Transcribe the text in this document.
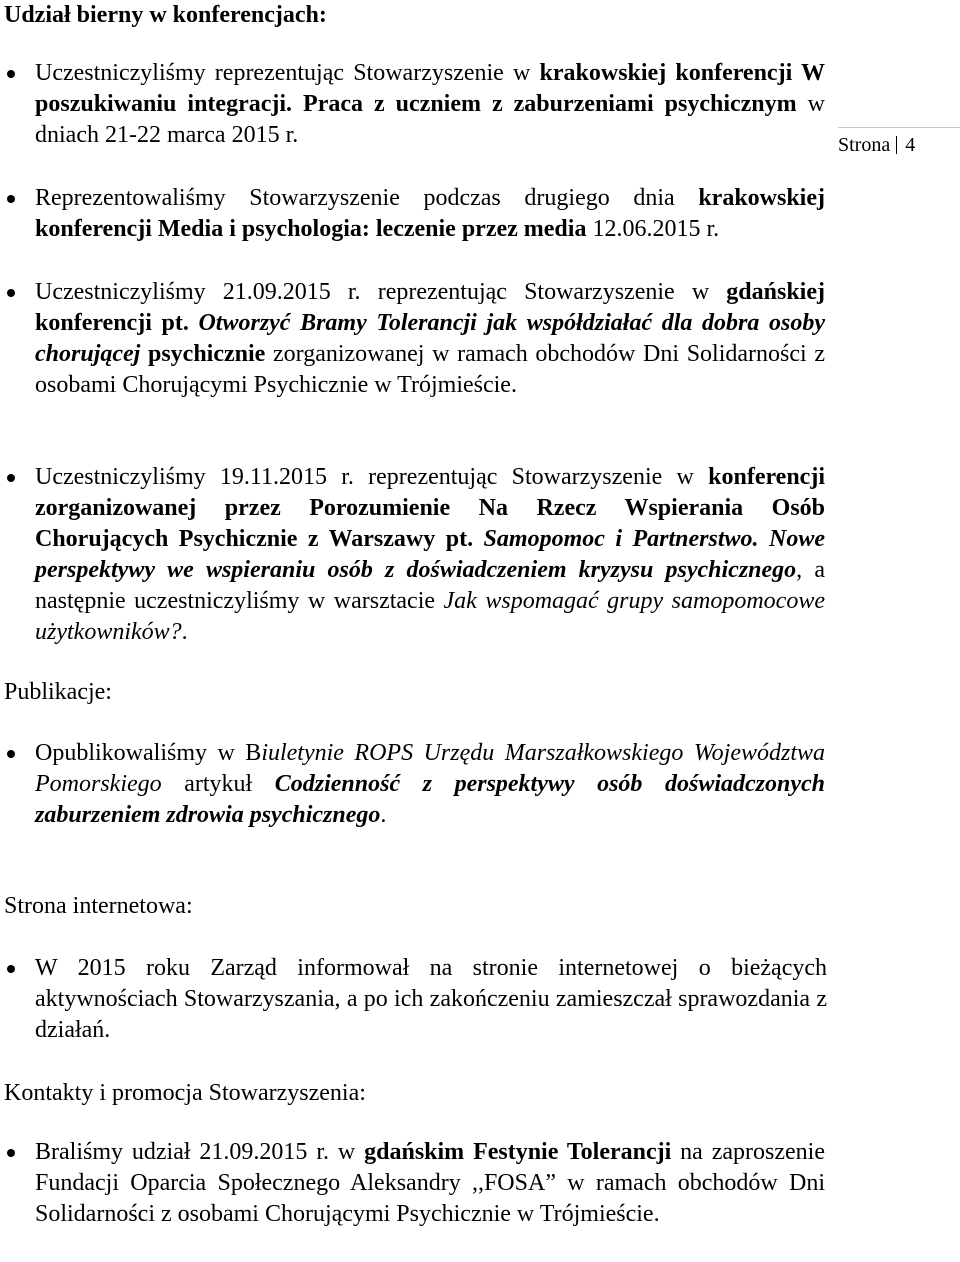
Strona 4
Udział bierny w konferencjach:

Uczestniczyliśmy reprezentując Stowarzyszenie w krakowskiej konferencji W poszukiwaniu integracji. Praca z uczniem z zaburzeniami psychicznym w dniach 21-22 marca 2015 r.

Reprezentowaliśmy Stowarzyszenie podczas drugiego dnia krakowskiej konferencji Media i psychologia: leczenie przez media 12.06.2015 r.

Uczestniczyliśmy 21.09.2015 r. reprezentując Stowarzyszenie w gdańskiej konferencji pt. Otworzyć Bramy Tolerancji jak współdziałać dla dobra osoby chorującej psychicznie zorganizowanej w ramach obchodów Dni Solidarności z osobami Chorującymi Psychicznie w Trójmieście.

Uczestniczyliśmy 19.11.2015 r. reprezentując Stowarzyszenie w konferencji zorganizowanej przez Porozumienie Na Rzecz Wspierania Osób Chorujących Psychicznie z Warszawy pt. Samopomoc i Partnerstwo. Nowe perspektywy we wspieraniu osób z doświadczeniem kryzysu psychicznego, a następnie uczestniczyliśmy w warsztacie Jak wspomagać grupy samopomocowe użytkowników?.

Publikacje:

Opublikowaliśmy w Biuletynie ROPS Urzędu Marszałkowskiego Województwa Pomorskiego artykuł Codzienność z perspektywy osób doświadczonych zaburzeniem zdrowia psychicznego.

Strona internetowa:

W 2015 roku Zarząd informował na stronie internetowej o bieżących aktywnościach Stowarzyszania, a po ich zakończeniu zamieszczał sprawozdania z działań.

Kontakty i promocja Stowarzyszenia:

Braliśmy udział 21.09.2015 r. w gdańskim Festynie Tolerancji na zaproszenie Fundacji Oparcia Społecznego Aleksandry ,,FOSA” w ramach obchodów Dni Solidarności z osobami Chorującymi Psychicznie w Trójmieście.
